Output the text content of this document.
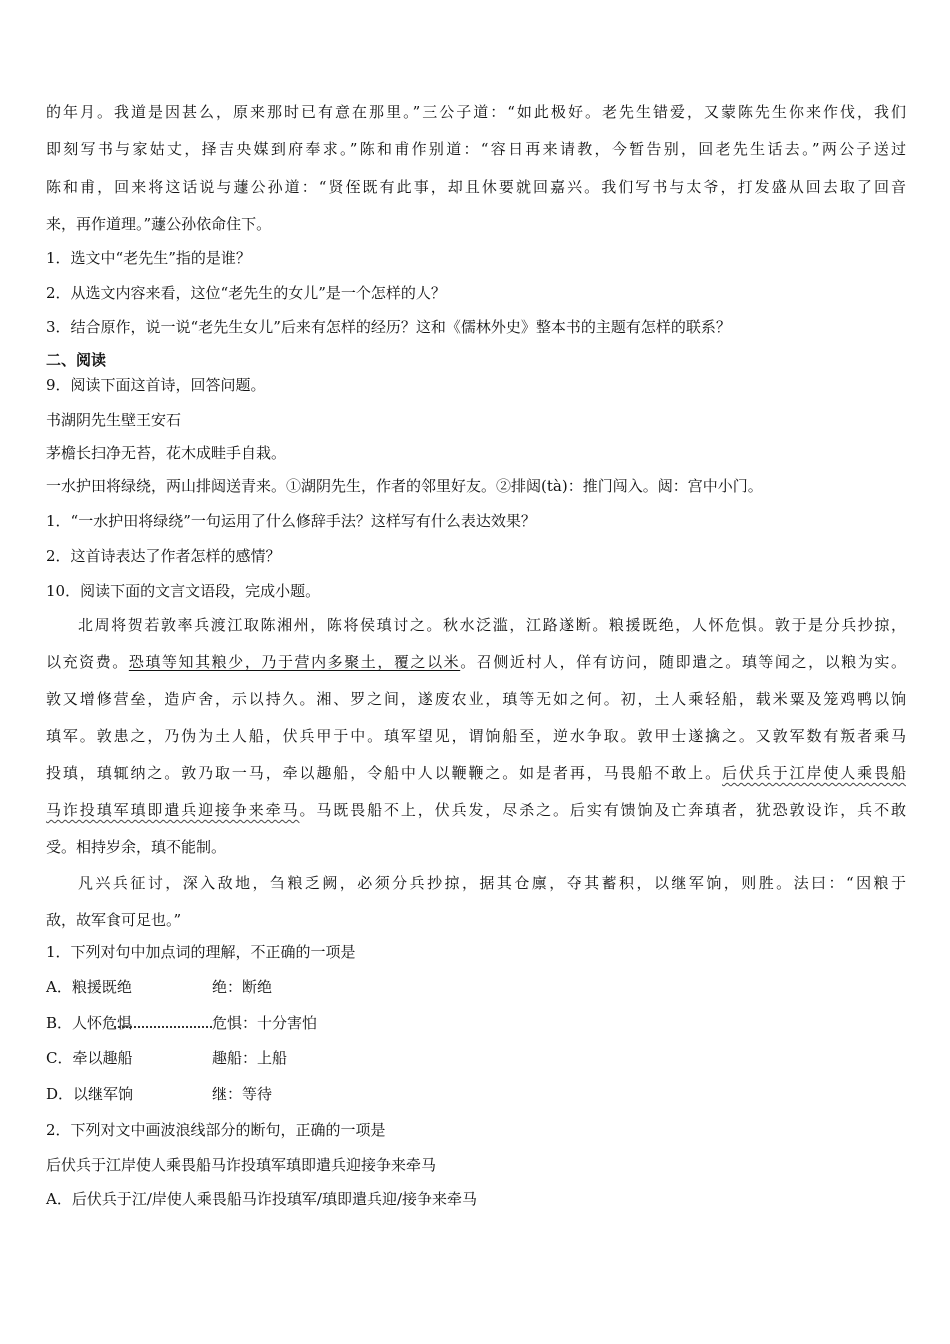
的年月。我道是因甚么，原来那时已有意在那里。”三公子道：“如此极好。老先生错爱，又蒙陈先生你来作伐，我们
即刻写书与家姑丈，择吉央媒到府奉求。”陈和甫作别道：“容日再来请教，今暂告别，回老先生话去。”两公子送过
陈和甫，回来将这话说与蘧公孙道：“贤侄既有此事，却且休要就回嘉兴。我们写书与太爷，打发盛从回去取了回音
来，再作道理。”蘧公孙依命住下。
1．选文中“老先生”指的是谁？
2．从选文内容来看，这位“老先生的女儿”是一个怎样的人？
3．结合原作，说一说“老先生女儿”后来有怎样的经历？这和《儒林外史》整本书的主题有怎样的联系？
二、阅读
9．阅读下面这首诗，回答问题。
书湖阴先生壁王安石
茅檐长扫净无苔，花木成畦手自栽。
一水护田将绿绕，两山排闼送青来。①湖阴先生，作者的邻里好友。②排闼(tà)：推门闯入。闼：宫中小门。
1．“一水护田将绿绕”一句运用了什么修辞手法？这样写有什么表达效果？
2．这首诗表达了作者怎样的感情？
10．阅读下面的文言文语段，完成小题。
北周将贺若敦率兵渡江取陈湘州，陈将侯瑱讨之。秋水泛滥，江路遂断。粮援既绝，人怀危惧。敦于是分兵抄掠，
以充资费。恐瑱等知其粮少，乃于营内多聚土，覆之以米。召侧近村人，佯有访问，随即遣之。瑱等闻之，以粮为实。
敦又增修营垒，造庐舍，示以持久。湘、罗之间，遂废农业，瑱等无如之何。初，土人乘轻船，载米粟及笼鸡鸭以饷
瑱军。敦患之，乃伪为土人船，伏兵甲于中。瑱军望见，谓饷船至，逆水争取。敦甲士遂擒之。又敦军数有叛者乘马
投瑱，瑱辄纳之。敦乃取一马，牵以趣船，令船中人以鞭鞭之。如是者再，马畏船不敢上。后伏兵于江岸使人乘畏船
马诈投瑱军瑱即遣兵迎接争来牵马。马既畏船不上，伏兵发，尽杀之。后实有馈饷及亡奔瑱者，犹恐敦设诈，兵不敢
受。相持岁余，瑱不能制。
凡兴兵征讨，深入敌地，刍粮乏阙，必须分兵抄掠，据其仓廪，夺其蓄积，以继军饷，则胜。法曰：“因粮于
敌，故军食可足也。”
1．下列对句中加点词的理解，不正确的一项是
A．粮援既绝	绝：断绝
B．人怀危惧	危惧：十分害怕
C．牵以趣船	趣船：上船
D．以继军饷	继：等待
2．下列对文中画波浪线部分的断句，正确的一项是
后伏兵于江岸使人乘畏船马诈投瑱军瑱即遣兵迎接争来牵马
A．后伏兵于江/岸使人乘畏船马诈投瑱军/瑱即遣兵迎/接争来牵马
